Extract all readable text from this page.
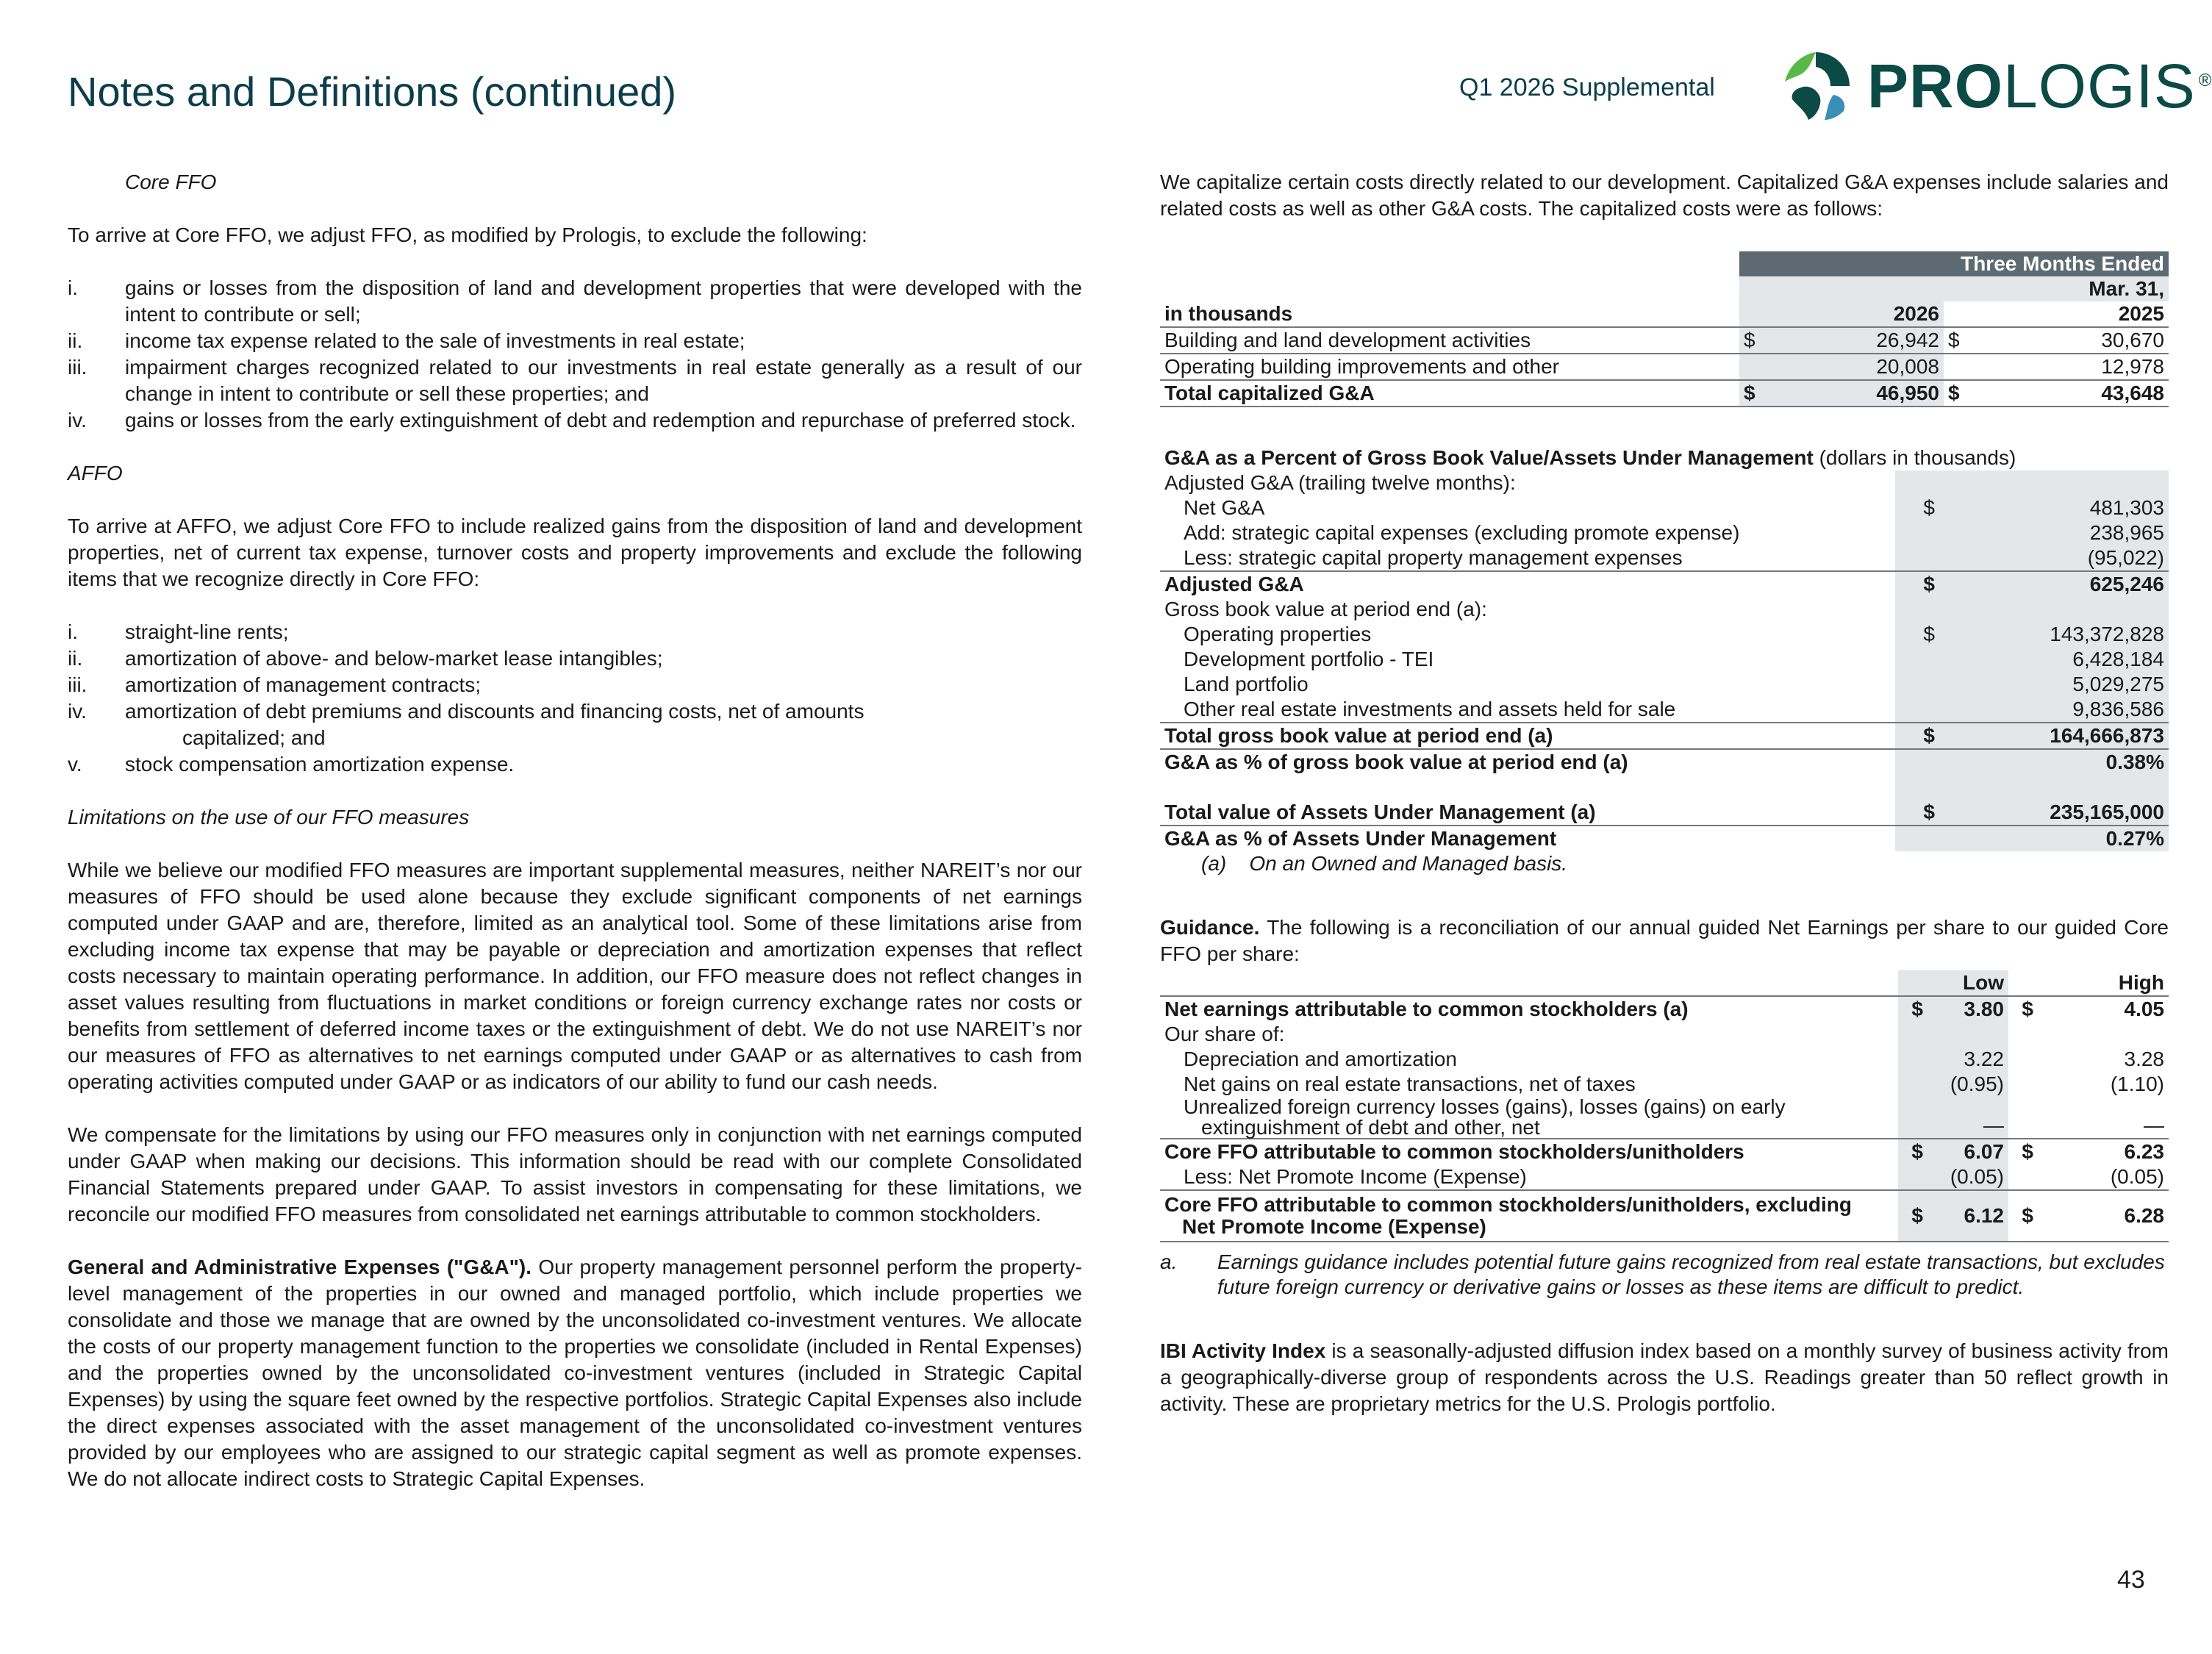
Notes and Definitions (continued)	Q1 2026 Supplemental PROLOGIS ®

Core FFO

To arrive at Core FFO, we adjust FFO, as modified by Prologis, to exclude the following:

i.	gains or losses from the disposition of land and development properties that were developed with the intent to contribute or sell;
ii.	income tax expense related to the sale of investments in real estate;
iii.	impairment charges recognized related to our investments in real estate generally as a result of our change in intent to contribute or sell these properties; and
iv.	gains or losses from the early extinguishment of debt and redemption and repurchase of preferred stock.

AFFO

To arrive at AFFO, we adjust Core FFO to include realized gains from the disposition of land and development properties, net of current tax expense, turnover costs and property improvements and exclude the following items that we recognize directly in Core FFO:

i.	straight-line rents;
ii.	amortization of above- and below-market lease intangibles;
iii.	amortization of management contracts;
iv.	amortization of debt premiums and discounts and financing costs, net of amounts
capitalized; and
v.	stock compensation amortization expense.

Limitations on the use of our FFO measures

While we believe our modified FFO measures are important supplemental measures, neither NAREIT’s nor our measures of FFO should be used alone because they exclude significant components of net earnings computed under GAAP and are, therefore, limited as an analytical tool. Some of these limitations arise from excluding income tax expense that may be payable or depreciation and amortization expenses that reflect costs necessary to maintain operating performance. In addition, our FFO measure does not reflect changes in asset values resulting from fluctuations in market conditions or foreign currency exchange rates nor costs or benefits from settlement of deferred income taxes or the extinguishment of debt. We do not use NAREIT’s nor our measures of FFO as alternatives to net earnings computed under GAAP or as alternatives to cash from operating activities computed under GAAP or as indicators of our ability to fund our cash needs.

We compensate for the limitations by using our FFO measures only in conjunction with net earnings computed under GAAP when making our decisions. This information should be read with our complete Consolidated Financial Statements prepared under GAAP. To assist investors in compensating for these limitations, we reconcile our modified FFO measures from consolidated net earnings attributable to common stockholders.

General and Administrative Expenses ("G&A"). Our property management personnel perform the property-level management of the properties in our owned and managed portfolio, which include properties we consolidate and those we manage that are owned by the unconsolidated co-investment ventures. We allocate the costs of our property management function to the properties we consolidate (included in Rental Expenses) and the properties owned by the unconsolidated co-investment ventures (included in Strategic Capital Expenses) by using the square feet owned by the respective portfolios. Strategic Capital Expenses also include the direct expenses associated with the asset management of the unconsolidated co-investment ventures provided by our employees who are assigned to our strategic capital segment as well as promote expenses. We do not allocate indirect costs to Strategic Capital Expenses.

We capitalize certain costs directly related to our development. Capitalized G&A expenses include salaries and related costs as well as other G&A costs. The capitalized costs were as follows:

	Three Months Ended			
				Mar. 31,
in thousands		2026		2025
Building and land development activities	$	26,942	$	30,670
Operating building improvements and other		20,008		12,978
Total capitalized G&A	$	46,950	$	43,648
G&A as a Percent of Gross Book Value/Assets Under Management (dollars in thousands)		
Adjusted G&A (trailing twelve months):		
Net G&A	$	481,303
Add: strategic capital expenses (excluding promote expense)		238,965
Less: strategic capital property management expenses		(95,022)
Adjusted G&A	$	625,246
Gross book value at period end (a):		
Operating properties	$	143,372,828
Development portfolio - TEI		6,428,184
Land portfolio		5,029,275
Other real estate investments and assets held for sale		9,836,586
Total gross book value at period end (a)	$	164,666,873
G&A as % of gross book value at period end (a)		0.38%

Total value of Assets Under Management (a)	$	235,165,000
G&A as % of Assets Under Management		0.27%
(a) On an Owned and Managed basis.		

Guidance. The following is a reconciliation of our annual guided Net Earnings per share to our guided Core FFO per share:

		Low		High
Net earnings attributable to common stockholders (a)	$	3.80	$	4.05
Our share of:				
Depreciation and amortization		3.22		3.28
Net gains on real estate transactions, net of taxes		(0.95)		(1.10)
Unrealized foreign currency losses (gains), losses (gains) on early
extinguishment of debt and other, net		—		—
Core FFO attributable to common stockholders/unitholders	$	6.07	$	6.23
Less: Net Promote Income (Expense)		(0.05)		(0.05)
Core FFO attributable to common stockholders/unitholders, excluding
Net Promote Income (Expense)	$	6.12	$	6.28
a.	Earnings guidance includes potential future gains recognized from real estate transactions, but excludes future foreign currency or derivative gains or losses as these items are difficult to predict.

IBI Activity Index is a seasonally-adjusted diffusion index based on a monthly survey of business activity from a geographically-diverse group of respondents across the U.S. Readings greater than 50 reflect growth in activity. These are proprietary metrics for the U.S. Prologis portfolio.

43
